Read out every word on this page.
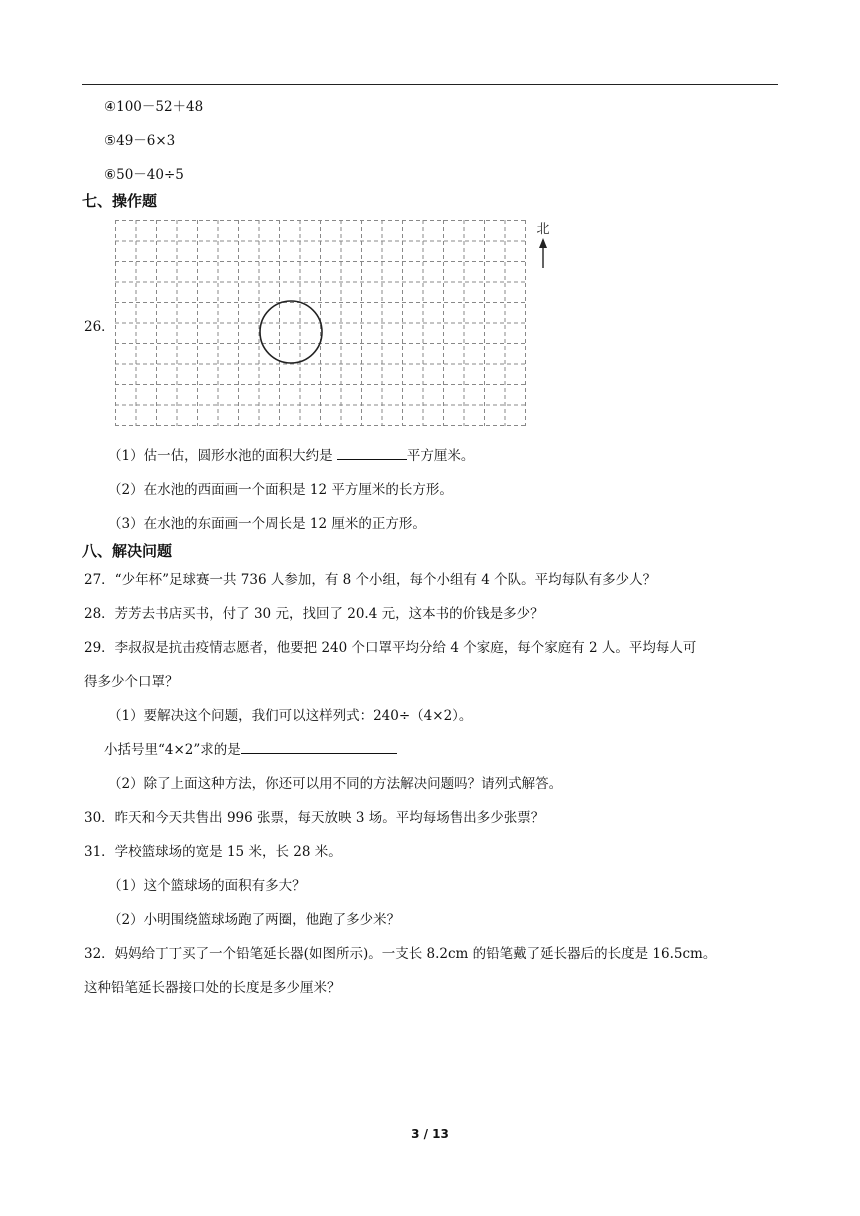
④100－52＋48
⑤49－6×3
⑥50－40÷5
七、操作题
26．
北
（1）估一估，圆形水池的面积大约是	平方厘米。
（2）在水池的西面画一个面积是 12 平方厘米的长方形。
（3）在水池的东面画一个周长是 12 厘米的正方形。
八、解决问题
27．“少年杯”足球赛一共 736 人参加，有 8 个小组，每个小组有 4 个队。平均每队有多少人？
28．芳芳去书店买书，付了 30 元，找回了 20.4 元，这本书的价钱是多少？
29．李叔叔是抗击疫情志愿者，他要把 240 个口罩平均分给 4 个家庭，每个家庭有 2 人。平均每人可
得多少个口罩？
（1）要解决这个问题，我们可以这样列式：240÷（4×2）。
小括号里“4×2”求的是
（2）除了上面这种方法，你还可以用不同的方法解决问题吗？请列式解答。
30．昨天和今天共售出 996 张票，每天放映 3 场。平均每场售出多少张票？
31．学校篮球场的宽是 15 米，长 28 米。
（1）这个篮球场的面积有多大？
（2）小明围绕篮球场跑了两圈，他跑了多少米？
32．妈妈给丁丁买了一个铅笔延长器(如图所示)。一支长 8.2cm 的铅笔戴了延长器后的长度是 16.5cm。
这种铅笔延长器接口处的长度是多少厘米？
3 / 13
